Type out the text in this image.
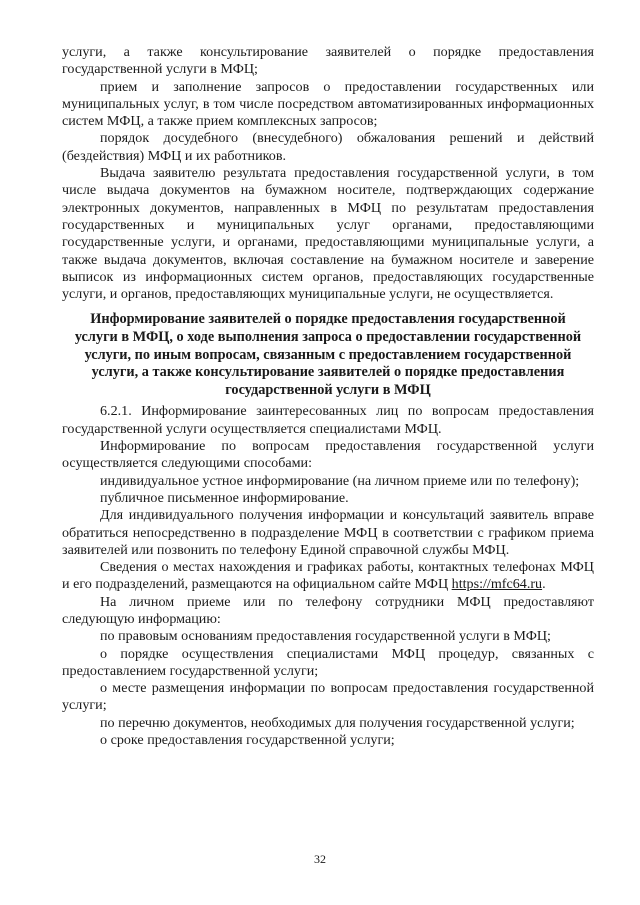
услуги, а также консультирование заявителей о порядке предоставления государственной услуги в МФЦ;

прием и заполнение запросов о предоставлении государственных или муниципальных услуг, в том числе посредством автоматизированных информационных систем МФЦ, а также прием комплексных запросов;

порядок досудебного (внесудебного) обжалования решений и действий (бездействия) МФЦ и их работников.

Выдача заявителю результата предоставления государственной услуги, в том числе выдача документов на бумажном носителе, подтверждающих содержание электронных документов, направленных в МФЦ по результатам предоставления государственных и муниципальных услуг органами, предоставляющими государственные услуги, и органами, предоставляющими муниципальные услуги, а также выдача документов, включая составление на бумажном носителе и заверение выписок из информационных систем органов, предоставляющих государственные услуги, и органов, предоставляющих муниципальные услуги, не осуществляется.

Информирование заявителей о порядке предоставления государственной услуги в МФЦ, о ходе выполнения запроса о предоставлении государственной услуги, по иным вопросам, связанным с предоставлением государственной услуги, а также консультирование заявителей о порядке предоставления государственной услуги в МФЦ

6.2.1. Информирование заинтересованных лиц по вопросам предоставления государственной услуги осуществляется специалистами МФЦ.

Информирование по вопросам предоставления государственной услуги осуществляется следующими способами:

индивидуальное устное информирование (на личном приеме или по телефону);

публичное письменное информирование.

Для индивидуального получения информации и консультаций заявитель вправе обратиться непосредственно в подразделение МФЦ в соответствии с графиком приема заявителей или позвонить по телефону Единой справочной службы МФЦ.

Сведения о местах нахождения и графиках работы, контактных телефонах МФЦ и его подразделений, размещаются на официальном сайте МФЦ https://mfc64.ru.

На личном приеме или по телефону сотрудники МФЦ предоставляют следующую информацию:

по правовым основаниям предоставления государственной услуги в МФЦ;

о порядке осуществления специалистами МФЦ процедур, связанных с предоставлением государственной услуги;

о месте размещения информации по вопросам предоставления государственной услуги;

по перечню документов, необходимых для получения государственной услуги;

о сроке предоставления государственной услуги;

32
